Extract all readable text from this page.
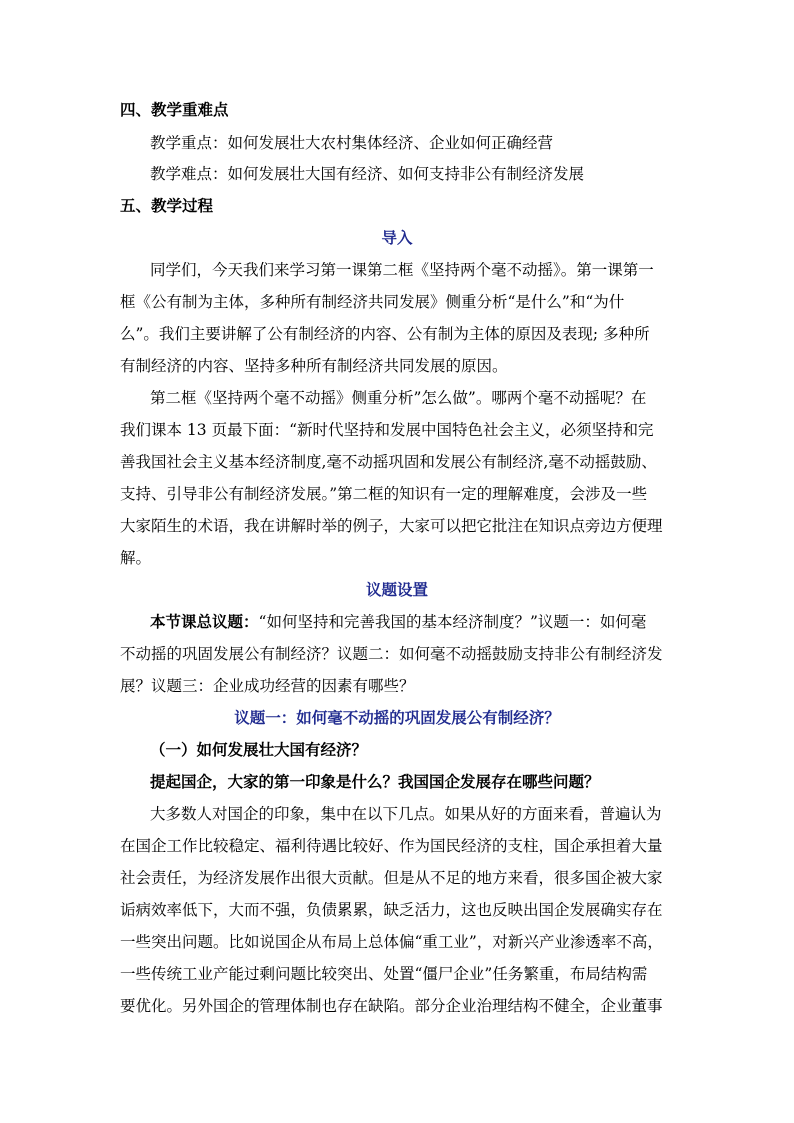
四、教学重难点
教学重点：如何发展壮大农村集体经济、企业如何正确经营
教学难点：如何发展壮大国有经济、如何支持非公有制经济发展
五、教学过程
导入
同学们，今天我们来学习第一课第二框《坚持两个毫不动摇》。第一课第一
框《公有制为主体，多种所有制经济共同发展》侧重分析“是什么”和“为什
么”。我们主要讲解了公有制经济的内容、公有制为主体的原因及表现; 多种所
有制经济的内容、坚持多种所有制经济共同发展的原因。
第二框《坚持两个毫不动摇》侧重分析”怎么做”。哪两个毫不动摇呢？在
我们课本 13 页最下面：“新时代坚持和发展中国特色社会主义，必须坚持和完
善我国社会主义基本经济制度,毫不动摇巩固和发展公有制经济,毫不动摇鼓励、
支持、引导非公有制经济发展。”第二框的知识有一定的理解难度，会涉及一些
大家陌生的术语，我在讲解时举的例子，大家可以把它批注在知识点旁边方便理
解。
议题设置
本节课总议题：“如何坚持和完善我国的基本经济制度？”议题一：如何毫
不动摇的巩固发展公有制经济？议题二：如何毫不动摇鼓励支持非公有制经济发
展？议题三：企业成功经营的因素有哪些？
议题一：如何毫不动摇的巩固发展公有制经济？
（一）如何发展壮大国有经济？
提起国企，大家的第一印象是什么？我国国企发展存在哪些问题？
大多数人对国企的印象，集中在以下几点。如果从好的方面来看，普遍认为
在国企工作比较稳定、福利待遇比较好、作为国民经济的支柱，国企承担着大量
社会责任，为经济发展作出很大贡献。但是从不足的地方来看，很多国企被大家
诟病效率低下，大而不强，负债累累，缺乏活力，这也反映出国企发展确实存在
一些突出问题。比如说国企从布局上总体偏“重工业”，对新兴产业渗透率不高，
一些传统工业产能过剩问题比较突出、处置“僵尸企业”任务繁重，布局结构需
要优化。另外国企的管理体制也存在缺陷。部分企业治理结构不健全，企业董事
